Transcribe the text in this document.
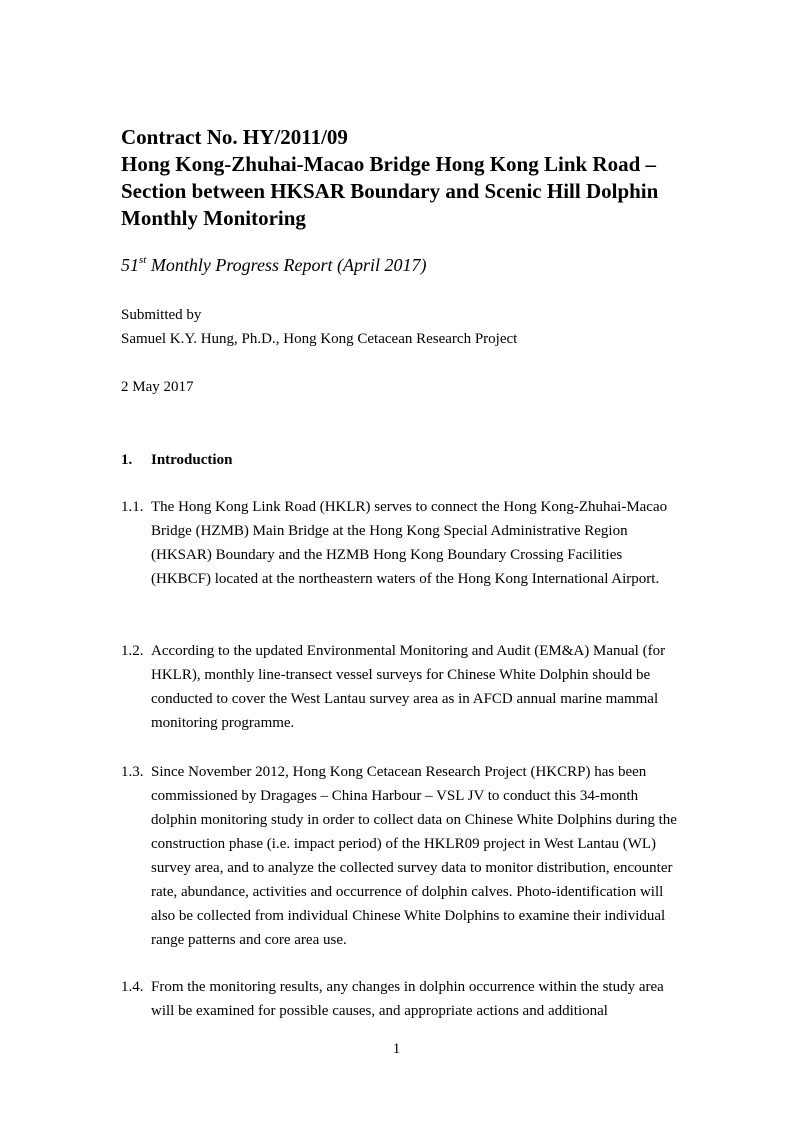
Contract No. HY/2011/09

Hong Kong-Zhuhai-Macao Bridge Hong Kong Link Road –

Section between HKSAR Boundary and Scenic Hill Dolphin

Monthly Monitoring

51st Monthly Progress Report (April 2017)
Submitted by
Samuel K.Y. Hung, Ph.D., Hong Kong Cetacean Research Project
2 May 2017
1. Introduction
1.1. The Hong Kong Link Road (HKLR) serves to connect the Hong Kong-Zhuhai-Macao Bridge (HZMB) Main Bridge at the Hong Kong Special Administrative Region (HKSAR) Boundary and the HZMB Hong Kong Boundary Crossing Facilities (HKBCF) located at the northeastern waters of the Hong Kong International Airport.
1.2. According to the updated Environmental Monitoring and Audit (EM&A) Manual (for HKLR), monthly line-transect vessel surveys for Chinese White Dolphin should be conducted to cover the West Lantau survey area as in AFCD annual marine mammal monitoring programme.
1.3. Since November 2012, Hong Kong Cetacean Research Project (HKCRP) has been commissioned by Dragages – China Harbour – VSL JV to conduct this 34-month dolphin monitoring study in order to collect data on Chinese White Dolphins during the construction phase (i.e. impact period) of the HKLR09 project in West Lantau (WL) survey area, and to analyze the collected survey data to monitor distribution, encounter rate, abundance, activities and occurrence of dolphin calves. Photo-identification will also be collected from individual Chinese White Dolphins to examine their individual range patterns and core area use.
1.4. From the monitoring results, any changes in dolphin occurrence within the study area will be examined for possible causes, and appropriate actions and additional
1
